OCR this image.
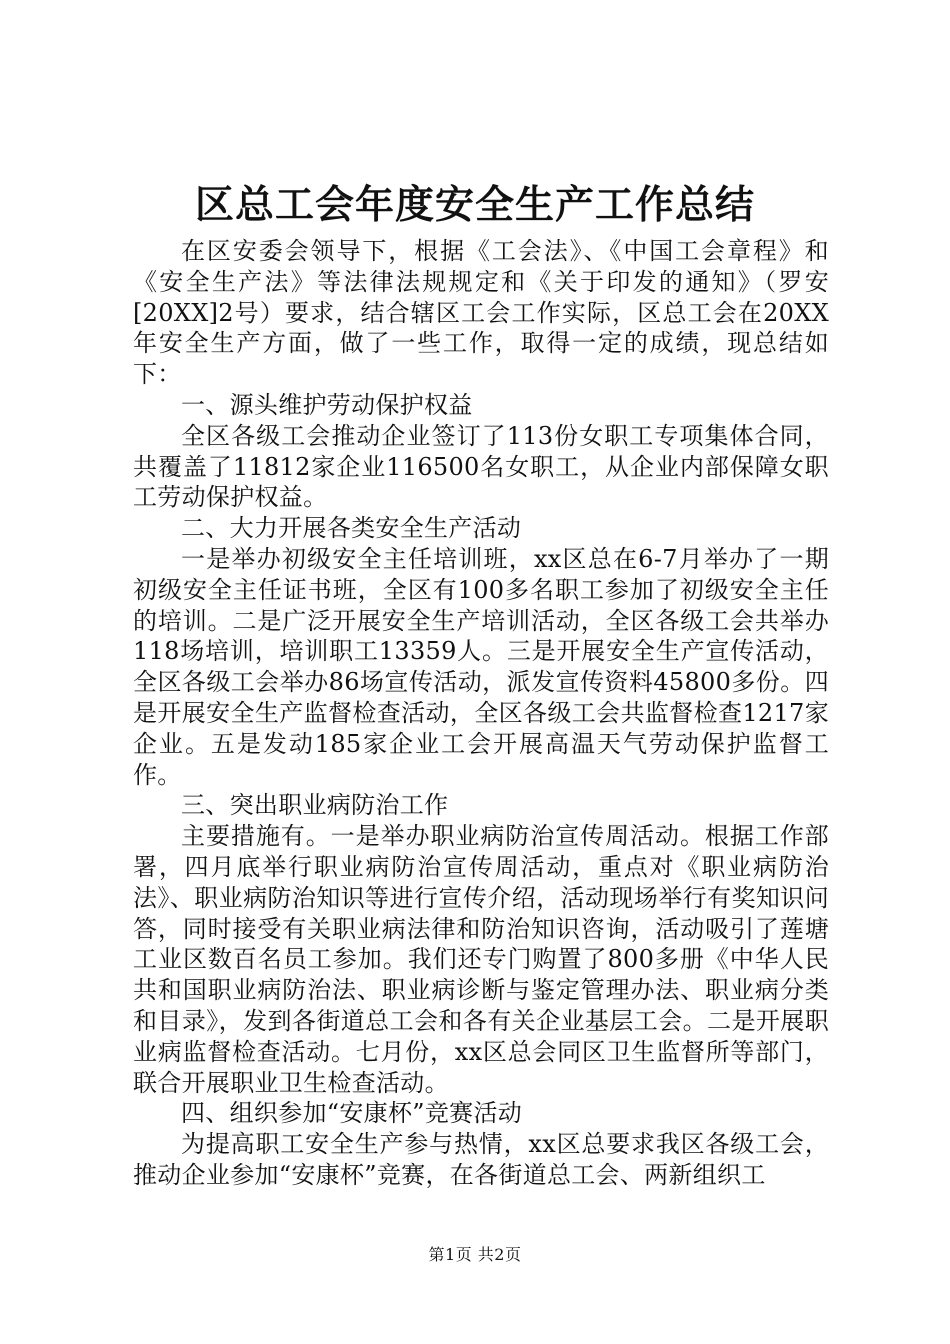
区总工会年度安全生产工作总结

在区安委会领导下，根据《工会法》、《中国工会章程》和《安全生产法》等法律法规规定和《关于印发的通知》（罗安[20XX]2号）要求，结合辖区工会工作实际，区总工会在20XX年安全生产方面，做了一些工作，取得一定的成绩，现总结如下：

一、源头维护劳动保护权益

全区各级工会推动企业签订了113份女职工专项集体合同，共覆盖了11812家企业116500名女职工，从企业内部保障女职工劳动保护权益。

二、大力开展各类安全生产活动

一是举办初级安全主任培训班，xx区总在6-7月举办了一期初级安全主任证书班，全区有100多名职工参加了初级安全主任的培训。二是广泛开展安全生产培训活动，全区各级工会共举办118场培训，培训职工13359人。三是开展安全生产宣传活动，全区各级工会举办86场宣传活动，派发宣传资料45800多份。四是开展安全生产监督检查活动，全区各级工会共监督检查1217家企业。五是发动185家企业工会开展高温天气劳动保护监督工作。

三、突出职业病防治工作

主要措施有。一是举办职业病防治宣传周活动。根据工作部署，四月底举行职业病防治宣传周活动，重点对《职业病防治法》、职业病防治知识等进行宣传介绍，活动现场举行有奖知识问答，同时接受有关职业病法律和防治知识咨询，活动吸引了莲塘工业区数百名员工参加。我们还专门购置了800多册《中华人民共和国职业病防治法、职业病诊断与鉴定管理办法、职业病分类和目录》，发到各街道总工会和各有关企业基层工会。二是开展职业病监督检查活动。七月份，xx区总会同区卫生监督所等部门，联合开展职业卫生检查活动。

四、组织参加“安康杯”竞赛活动

为提高职工安全生产参与热情，xx区总要求我区各级工会，推动企业参加“安康杯”竞赛，在各街道总工会、两新组织工

第1页 共2页
